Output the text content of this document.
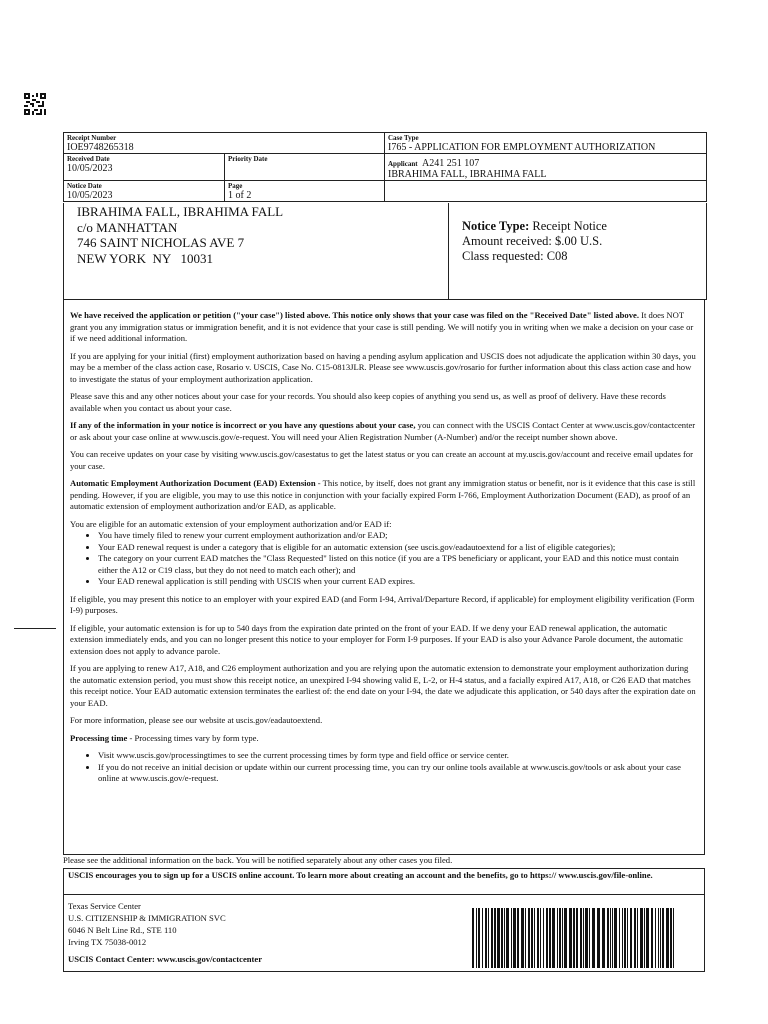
Receipt Number
IOE9748265318
Case Type
I765 - APPLICATION FOR EMPLOYMENT AUTHORIZATION
Received Date
10/05/2023
Priority Date
Applicant A241 251 107
IBRAHIMA FALL, IBRAHIMA FALL
Notice Date
10/05/2023
Page
1 of 2
IBRAHIMA FALL, IBRAHIMA FALL
c/o MANHATTAN
746 SAINT NICHOLAS AVE 7
NEW YORK  NY   10031
Notice Type: Receipt Notice
Amount received: $.00 U.S.
Class requested: C08

We have received the application or petition ("your case") listed above. This notice only shows that your case was filed on the "Received Date" listed above. It does NOT grant you any immigration status or immigration benefit, and it is not evidence that your case is still pending. We will notify you in writing when we make a decision on your case or if we need additional information.

If you are applying for your initial (first) employment authorization based on having a pending asylum application and USCIS does not adjudicate the application within 30 days, you may be a member of the class action case, Rosario v. USCIS, Case No. C15-0813JLR. Please see www.uscis.gov/rosario for further information about this class action case and how to investigate the status of your employment authorization application.

Please save this and any other notices about your case for your records. You should also keep copies of anything you send us, as well as proof of delivery. Have these records available when you contact us about your case.

If any of the information in your notice is incorrect or you have any questions about your case, you can connect with the USCIS Contact Center at www.uscis.gov/contactcenter or ask about your case online at www.uscis.gov/e-request. You will need your Alien Registration Number (A-Number) and/or the receipt number shown above.

You can receive updates on your case by visiting www.uscis.gov/casestatus to get the latest status or you can create an account at my.uscis.gov/account and receive email updates for your case.

Automatic Employment Authorization Document (EAD) Extension - This notice, by itself, does not grant any immigration status or benefit, nor is it evidence that this case is still pending. However, if you are eligible, you may to use this notice in conjunction with your facially expired Form I-766, Employment Authorization Document (EAD), as proof of an automatic extension of employment authorization and/or EAD, as applicable.

You are eligible for an automatic extension of your employment authorization and/or EAD if:

• You have timely filed to renew your current employment authorization and/or EAD;
• Your EAD renewal request is under a category that is eligible for an automatic extension (see uscis.gov/eadautoextend for a list of eligible categories);
• The category on your current EAD matches the "Class Requested" listed on this notice (if you are a TPS beneficiary or applicant, your EAD and this notice must contain either the A12 or C19 class, but they do not need to match each other); and
• Your EAD renewal application is still pending with USCIS when your current EAD expires.

If eligible, you may present this notice to an employer with your expired EAD (and Form I-94, Arrival/Departure Record, if applicable) for employment eligibility verification (Form I-9) purposes.

If eligible, your automatic extension is for up to 540 days from the expiration date printed on the front of your EAD. If we deny your EAD renewal application, the automatic extension immediately ends, and you can no longer present this notice to your employer for Form I-9 purposes. If your EAD is also your Advance Parole document, the automatic extension does not apply to advance parole.

If you are applying to renew A17, A18, and C26 employment authorization and you are relying upon the automatic extension to demonstrate your employment authorization during the automatic extension period, you must show this receipt notice, an unexpired I-94 showing valid E, L-2, or H-4 status, and a facially expired A17, A18, or C26 EAD that matches this receipt notice. Your EAD automatic extension terminates the earliest of: the end date on your I-94, the date we adjudicate this application, or 540 days after the expiration date on your EAD.

For more information, please see our website at uscis.gov/eadautoextend.

Processing time - Processing times vary by form type.

• Visit www.uscis.gov/processingtimes to see the current processing times by form type and field office or service center.
• If you do not receive an initial decision or update within our current processing time, you can try our online tools available at www.uscis.gov/tools or ask about your case online at www.uscis.gov/e-request.
Please see the additional information on the back. You will be notified separately about any other cases you filed.
USCIS encourages you to sign up for a USCIS online account. To learn more about creating an account and the benefits, go to https:// www.uscis.gov/file-online.
Texas Service Center
U.S. CITIZENSHIP & IMMIGRATION SVC
6046 N Belt Line Rd., STE 110
Irving TX 75038-0012
USCIS Contact Center: www.uscis.gov/contactcenter
